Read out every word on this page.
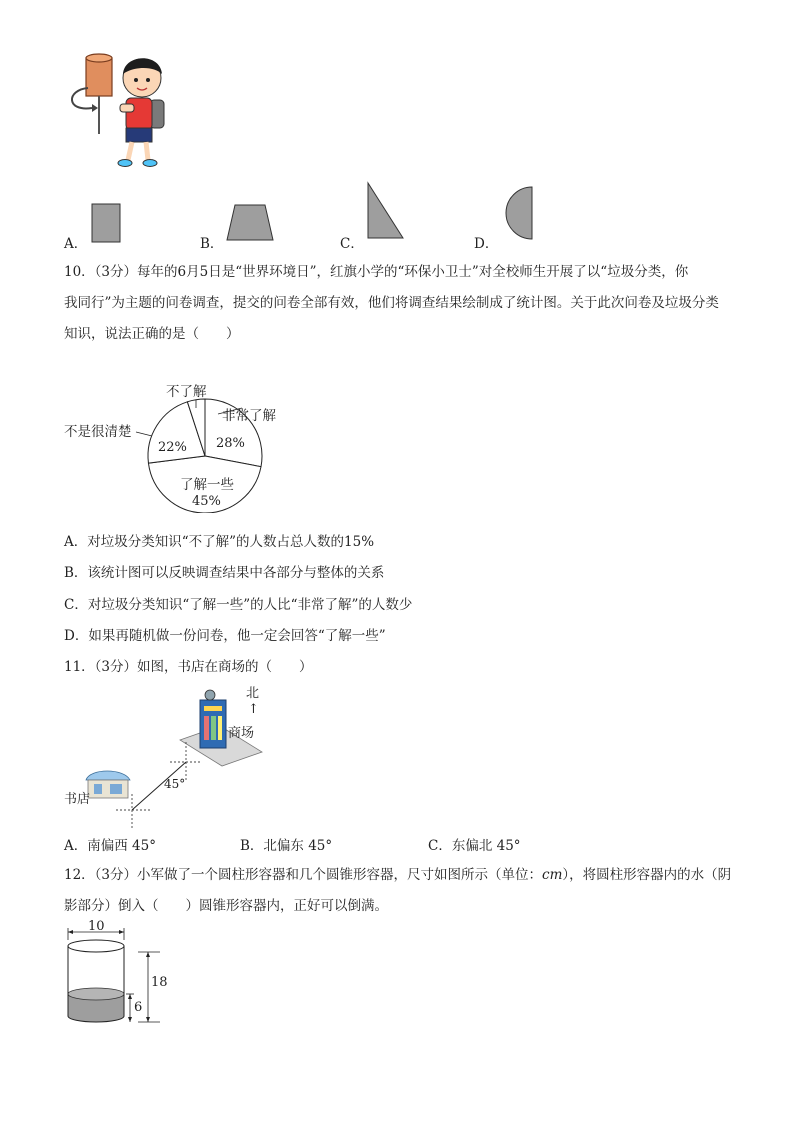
A．	B．	C．	D．
10．（3分）每年的6月5日是“世界环境日”，红旗小学的“环保小卫士”对全校师生开展了以“垃圾分类，你
我同行”为主题的问卷调查，提交的问卷全部有效，他们将调查结果绘制成了统计图。关于此次问卷及垃圾分类
知识，说法正确的是（　　）
非常了解
28%
了解一些
45%
不是很清楚
22%
不了解
A．对垃圾分类知识“不了解”的人数占总人数的15%
B．该统计图可以反映调查结果中各部分与整体的关系
C．对垃圾分类知识“了解一些”的人比“非常了解”的人数少
D．如果再随机做一份问卷，他一定会回答“了解一些”
11．（3分）如图，书店在商场的（　　）
北
↑
商场
45°
书店
A．南偏西 45°	B．北偏东 45°	C．东偏北 45°
12．（3分）小军做了一个圆柱形容器和几个圆锥形容器，尺寸如图所示（单位：cm），将圆柱形容器内的水（阴
影部分）倒入（　　）圆锥形容器内，正好可以倒满。
10
18
6
